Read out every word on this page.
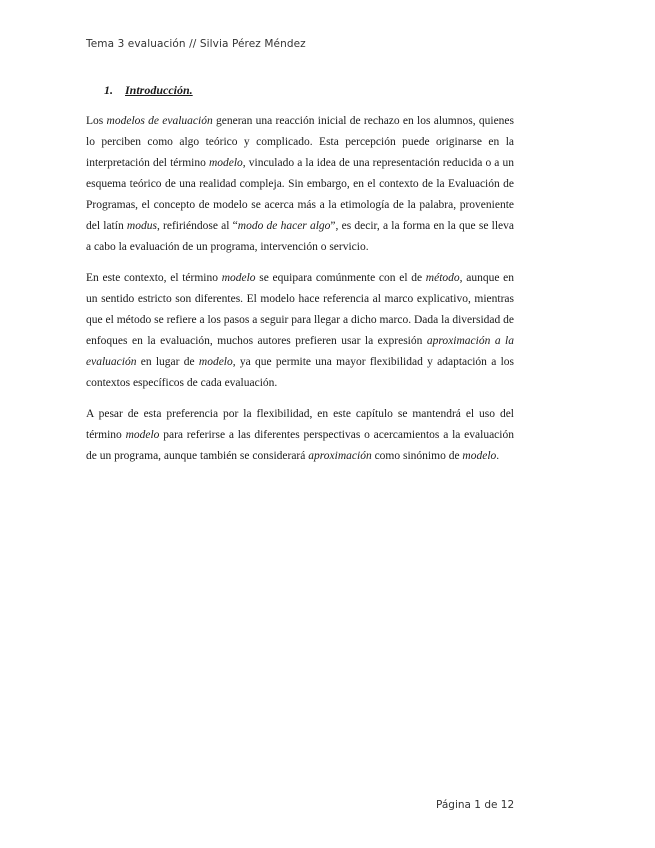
Tema 3 evaluación // Silvia Pérez Méndez

1. Introducción.

Los modelos de evaluación generan una reacción inicial de rechazo en los alumnos, quienes lo perciben como algo teórico y complicado. Esta percepción puede originarse en la interpretación del término modelo, vinculado a la idea de una representación reducida o a un esquema teórico de una realidad compleja. Sin embargo, en el contexto de la Evaluación de Programas, el concepto de modelo se acerca más a la etimología de la palabra, proveniente del latín modus, refiriéndose al “modo de hacer algo”, es decir, a la forma en la que se lleva a cabo la evaluación de un programa, intervención o servicio.

En este contexto, el término modelo se equipara comúnmente con el de método, aunque en un sentido estricto son diferentes. El modelo hace referencia al marco explicativo, mientras que el método se refiere a los pasos a seguir para llegar a dicho marco. Dada la diversidad de enfoques en la evaluación, muchos autores prefieren usar la expresión aproximación a la evaluación en lugar de modelo, ya que permite una mayor flexibilidad y adaptación a los contextos específicos de cada evaluación.

A pesar de esta preferencia por la flexibilidad, en este capítulo se mantendrá el uso del término modelo para referirse a las diferentes perspectivas o acercamientos a la evaluación de un programa, aunque también se considerará aproximación como sinónimo de modelo.

Página 1 de 12
